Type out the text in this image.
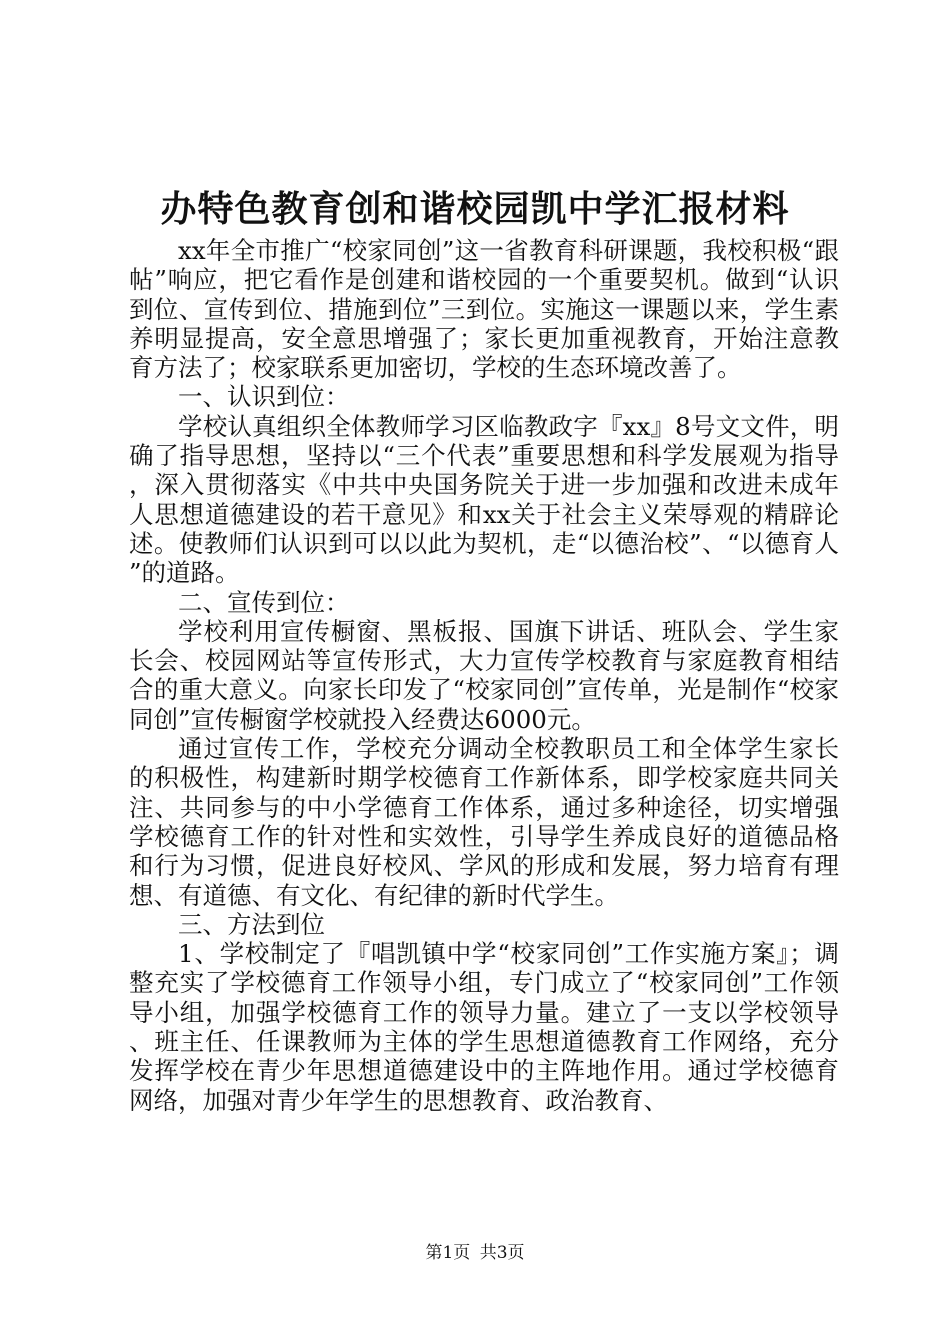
办特色教育创和谐校园凯中学汇报材料

xx年全市推广“校家同创”这一省教育科研课题，我校积极“跟帖”响应，把它看作是创建和谐校园的一个重要契机。做到“认识到位、宣传到位、措施到位”三到位。实施这一课题以来，学生素养明显提高，安全意思增强了；家长更加重视教育，开始注意教育方法了；校家联系更加密切，学校的生态环境改善了。

一、认识到位：

学校认真组织全体教师学习区临教政字『xx』8号文文件，明确了指导思想，坚持以“三个代表”重要思想和科学发展观为指导，深入贯彻落实《中共中央国务院关于进一步加强和改进未成年人思想道德建设的若干意见》和xx关于社会主义荣辱观的精辟论述。使教师们认识到可以以此为契机，走“以德治校”、“以德育人”的道路。

二、宣传到位：

学校利用宣传橱窗、黑板报、国旗下讲话、班队会、学生家长会、校园网站等宣传形式，大力宣传学校教育与家庭教育相结合的重大意义。向家长印发了“校家同创”宣传单，光是制作“校家同创”宣传橱窗学校就投入经费达6000元。

通过宣传工作，学校充分调动全校教职员工和全体学生家长的积极性，构建新时期学校德育工作新体系，即学校家庭共同关注、共同参与的中小学德育工作体系，通过多种途径，切实增强学校德育工作的针对性和实效性，引导学生养成良好的道德品格和行为习惯，促进良好校风、学风的形成和发展，努力培育有理想、有道德、有文化、有纪律的新时代学生。

三、方法到位

1、学校制定了『唱凯镇中学“校家同创”工作实施方案』；调整充实了学校德育工作领导小组，专门成立了“校家同创”工作领导小组，加强学校德育工作的领导力量。建立了一支以学校领导、班主任、任课教师为主体的学生思想道德教育工作网络，充分发挥学校在青少年思想道德建设中的主阵地作用。通过学校德育网络，加强对青少年学生的思想教育、政治教育、

第1页 共3页
